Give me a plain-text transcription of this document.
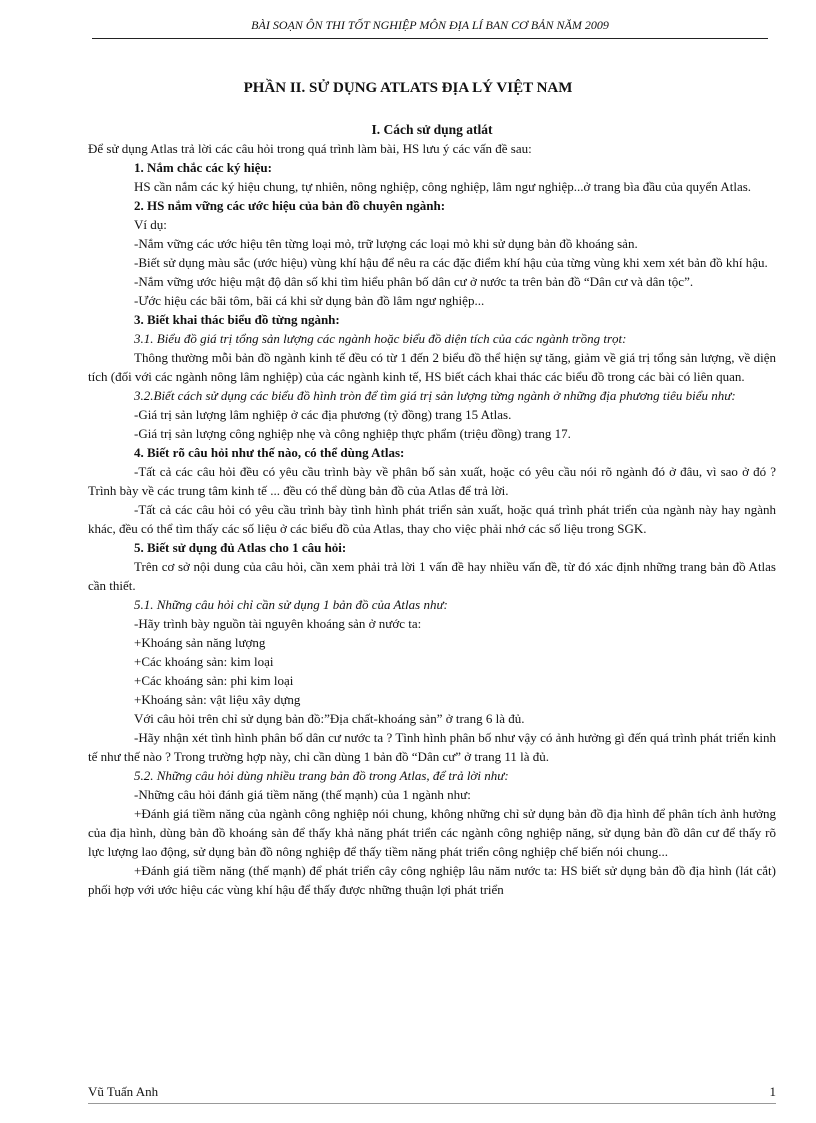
BÀI SOẠN ÔN THI TỐT NGHIỆP MÔN ĐỊA LÍ BAN CƠ BẢN NĂM 2009
PHẦN II. SỬ DỤNG ATLATS ĐỊA LÝ VIỆT NAM

I. Cách sử dụng atlát

Để sử dụng Atlas trả lời các câu hỏi trong quá trình làm bài, HS lưu ý các vấn đề sau:

1. Nắm chắc các ký hiệu:

HS cần nắm các ký hiệu chung, tự nhiên, nông nghiệp, công nghiệp, lâm ngư nghiệp...ở trang bìa đầu của quyển Atlas.

2. HS nắm vững các ước hiệu của bản đồ chuyên ngành:

Ví dụ:

-Nắm vững các ước hiệu tên từng loại mỏ, trữ lượng các loại mỏ khi sử dụng bản đồ khoáng sản.

-Biết sử dụng màu sắc (ước hiệu) vùng khí hậu để nêu ra các đặc điểm khí hậu của từng vùng khi xem xét bản đồ khí hậu.

-Nắm vững ước hiệu mật độ dân số khi tìm hiểu phân bố dân cư ở nước ta trên bản đồ “Dân cư và dân tộc”.

-Ước hiệu các bãi tôm, bãi cá khi sử dụng bản đồ lâm ngư nghiệp...

3. Biết khai thác biểu đồ từng ngành:

3.1. Biểu đồ giá trị tổng sản lượng các ngành hoặc biểu đồ diện tích của các ngành trồng trọt:

Thông thường mỗi bản đồ ngành kinh tế đều có từ 1 đến 2 biểu đồ thể hiện sự tăng, giảm về giá trị tổng sản lượng, về diện tích (đối với các ngành nông lâm nghiệp) của các ngành kinh tế, HS biết cách khai thác các biểu đồ trong các bài có liên quan.

3.2.Biết cách sử dụng các biểu đồ hình tròn để tìm giá trị sản lượng từng ngành ở những địa phương tiêu biểu như:

-Giá trị sản lượng lâm nghiệp ở các địa phương (tỷ đồng) trang 15 Atlas.

-Giá trị sản lượng công nghiệp nhẹ và công nghiệp thực phẩm (triệu đồng) trang 17.

4. Biết rõ câu hỏi như thế nào, có thể dùng Atlas:

-Tất cả các câu hỏi đều có yêu cầu trình bày về phân bố sản xuất, hoặc có yêu cầu nói rõ ngành đó ở đâu, vì sao ở đó ? Trình bày về các trung tâm kinh tế ... đều có thể dùng bản đồ của Atlas để trả lời.

-Tất cả các câu hỏi có yêu cầu trình bày tình hình phát triển sản xuất, hoặc quá trình phát triển của ngành này hay ngành khác, đều có thể tìm thấy các số liệu ở các biểu đồ của Atlas, thay cho việc phải nhớ các số liệu trong SGK.

5. Biết sử dụng đủ Atlas cho 1 câu hỏi:

Trên cơ sở nội dung của câu hỏi, cần xem phải trả lời 1 vấn đề hay nhiều vấn đề, từ đó xác định những trang bản đồ Atlas cần thiết.

5.1. Những câu hỏi chỉ cần sử dụng 1 bản đồ của Atlas như:

-Hãy trình bày nguồn tài nguyên khoáng sản ở nước ta:

+Khoáng sản năng lượng

+Các khoáng sản: kim loại

+Các khoáng sản: phi kim loại

+Khoáng sản: vật liệu xây dựng

Với câu hỏi trên chỉ sử dụng bản đồ:”Địa chất-khoáng sản” ở trang 6 là đủ.

-Hãy nhận xét tình hình phân bố dân cư nước ta ? Tình hình phân bố như vậy có ảnh hưởng gì đến quá trình phát triển kinh tế như thế nào ? Trong trường hợp này, chỉ cần dùng 1 bản đồ “Dân cư” ở trang 11 là đủ.

5.2. Những câu hỏi dùng nhiều trang bản đồ trong Atlas, để trả lời như:

-Những câu hỏi đánh giá tiềm năng (thế mạnh) của 1 ngành như:

+Đánh giá tiềm năng của ngành công nghiệp nói chung, không những chỉ sử dụng bản đồ địa hình để phân tích ảnh hưởng của địa hình, dùng bản đồ khoáng sản để thấy khả năng phát triển các ngành công nghiệp năng, sử dụng bản đồ dân cư để thấy rõ lực lượng lao động, sử dụng bản đồ nông nghiệp để thấy tiềm năng phát triển công nghiệp chế biến nói chung...

+Đánh giá tiềm năng (thế mạnh) để phát triển cây công nghiệp lâu năm nước ta: HS biết sử dụng bản đồ địa hình (lát cắt) phối hợp với ước hiệu các vùng khí hậu để thấy được những thuận lợi phát triển

Vũ Tuấn Anh	1
